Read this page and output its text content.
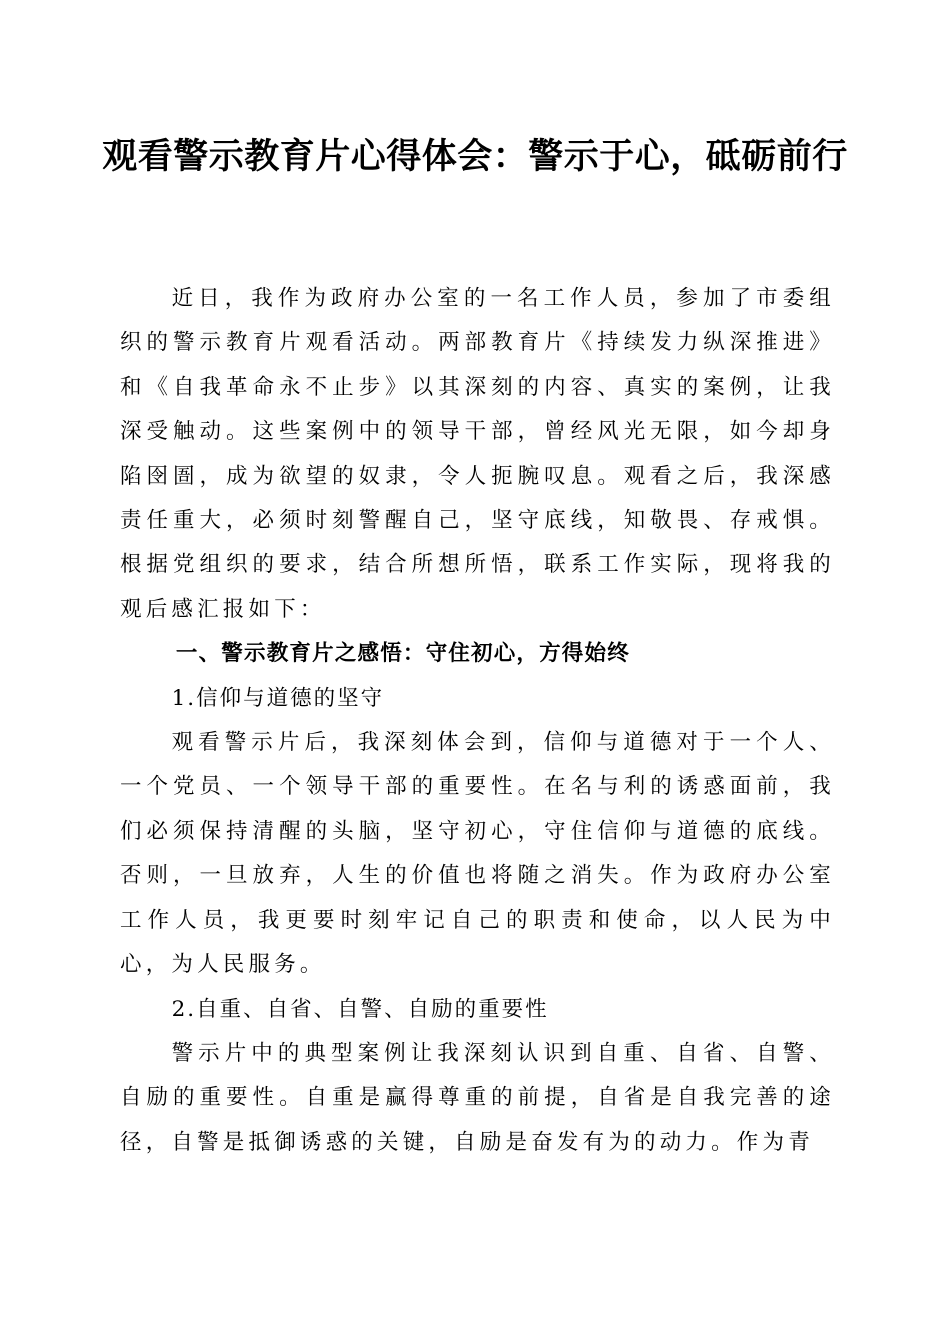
观看警示教育片心得体会：警示于心，砥砺前行

近日，我作为政府办公室的一名工作人员，参加了市委组织的警示教育片观看活动。两部教育片《持续发力纵深推进》和《自我革命永不止步》以其深刻的内容、真实的案例，让我深受触动。这些案例中的领导干部，曾经风光无限，如今却身陷囹圄，成为欲望的奴隶，令人扼腕叹息。观看之后，我深感责任重大，必须时刻警醒自己，坚守底线，知敬畏、存戒惧。根据党组织的要求，结合所想所悟，联系工作实际，现将我的观后感汇报如下：

一、警示教育片之感悟：守住初心，方得始终

1.信仰与道德的坚守

观看警示片后，我深刻体会到，信仰与道德对于一个人、一个党员、一个领导干部的重要性。在名与利的诱惑面前，我们必须保持清醒的头脑，坚守初心，守住信仰与道德的底线。否则，一旦放弃，人生的价值也将随之消失。作为政府办公室工作人员，我更要时刻牢记自己的职责和使命，以人民为中心，为人民服务。

2.自重、自省、自警、自励的重要性

警示片中的典型案例让我深刻认识到自重、自省、自警、自励的重要性。自重是赢得尊重的前提，自省是自我完善的途径，自警是抵御诱惑的关键，自励是奋发有为的动力。作为青
